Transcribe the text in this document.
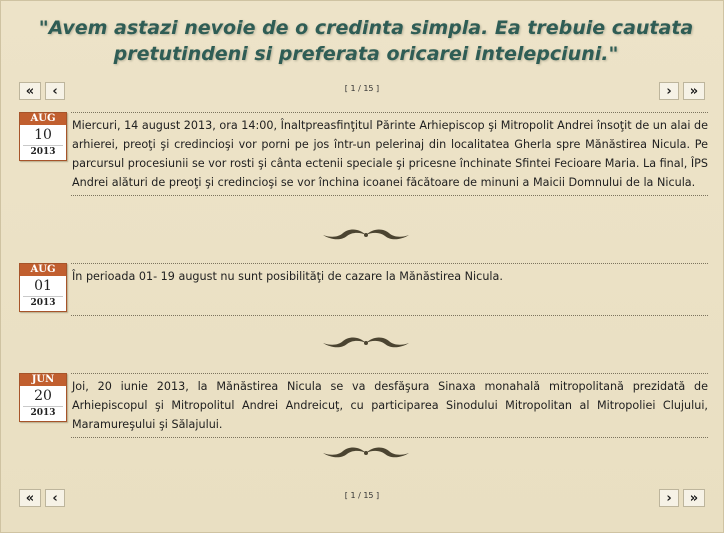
"Avem astazi nevoie de o credinta simpla. Ea trebuie cautata
pretutindeni si preferata oricarei intelepciuni."
«	‹	[ 1 / 15 ]	›	»
AUG
10
2013
Miercuri, 14 august 2013, ora 14:00, Înaltpreasfinţitul Părinte Arhiepiscop şi Mitropolit Andrei însoţit de un alai de arhierei, preoţi şi credincioşi vor porni pe jos într-un pelerinaj din localitatea Gherla spre Mănăstirea Nicula. Pe parcursul procesiunii se vor rosti şi cânta ectenii speciale şi pricesne închinate Sfintei Fecioare Maria. La final, ÎPS Andrei alături de preoţi şi credincioşi se vor închina icoanei făcătoare de minuni a Maicii Domnului de la Nicula.
AUG
01
2013
În perioada 01- 19 august nu sunt posibilităţi de cazare la Mănăstirea Nicula.
JUN
20
2013
Joi, 20 iunie 2013, la Mănăstirea Nicula se va desfăşura Sinaxa monahală mitropolitană prezidată de Arhiepiscopul şi Mitropolitul Andrei Andreicuţ, cu participarea Sinodului Mitropolitan al Mitropoliei Clujului, Maramureşului şi Sălajului.
«	‹	[ 1 / 15 ]	›	»
